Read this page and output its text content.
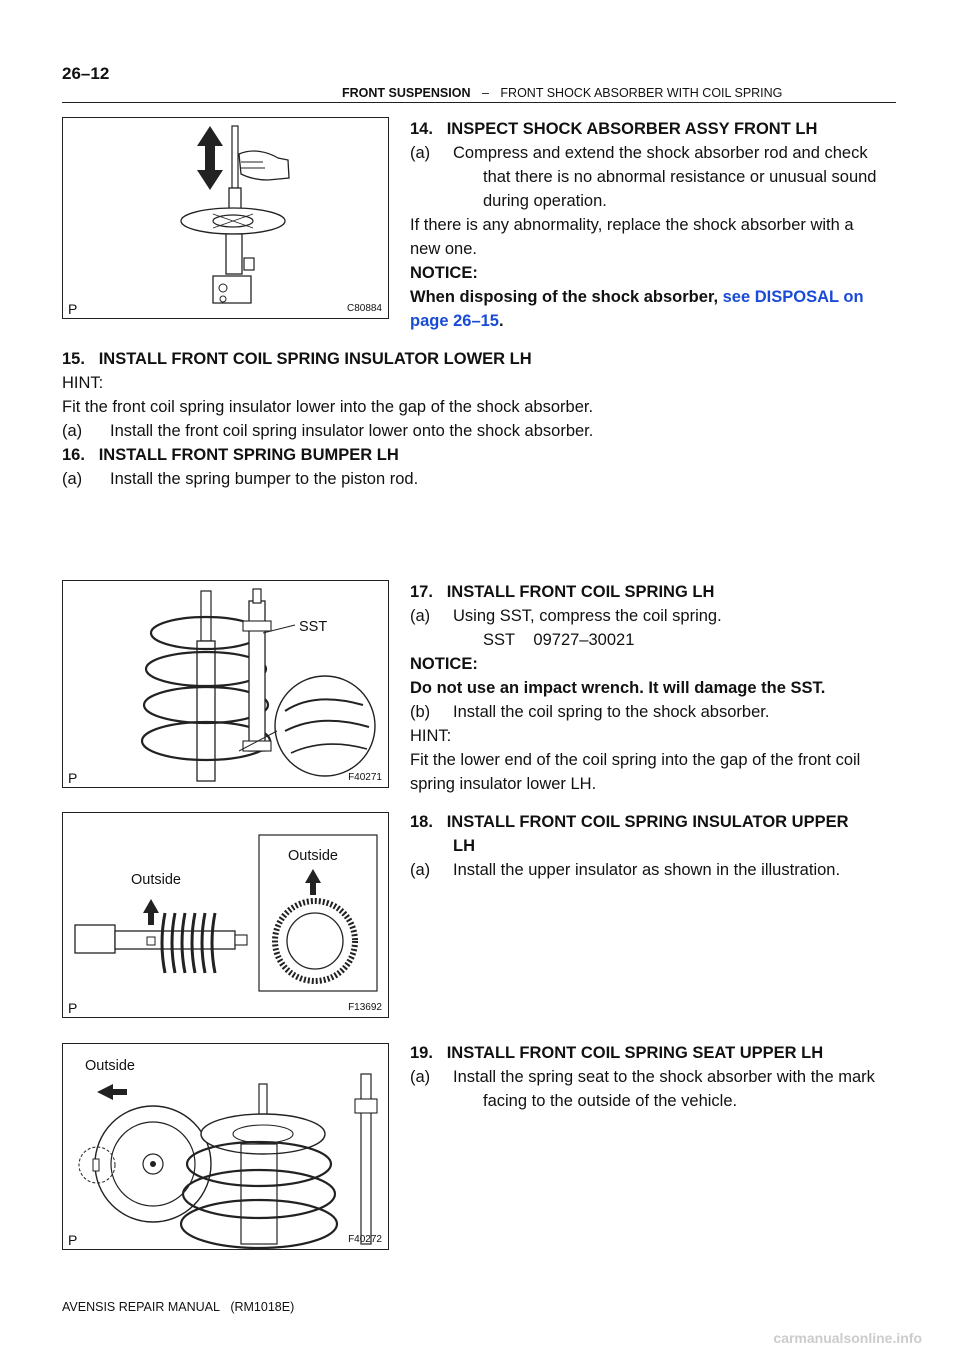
26–12
FRONT SUSPENSION – FRONT SHOCK ABSORBER WITH COIL SPRING
P	C80884
14.   INSPECT SHOCK ABSORBER ASSY FRONT LH
(a) Compress and extend the shock absorber rod and check
that there is no abnormal resistance or unusual sound
during operation.
If there is any abnormality, replace the shock absorber with a
new one.
NOTICE:
When disposing of the shock absorber, see DISPOSAL on
page 26–15.
15.   INSTALL FRONT COIL SPRING INSULATOR LOWER LH
HINT:
Fit the front coil spring insulator lower into the gap of the shock absorber.
(a) Install the front coil spring insulator lower onto the shock absorber.
16.   INSTALL FRONT SPRING BUMPER LH
(a) Install the spring bumper to the piston rod.
SST
P	F40271
17.   INSTALL FRONT COIL SPRING LH
(a) Using SST, compress the coil spring.
SST    09727–30021
NOTICE:
Do not use an impact wrench. It will damage the SST.
(b) Install the coil spring to the shock absorber.
HINT:
Fit the lower end of the coil spring into the gap of the front coil
spring insulator lower LH.
Outside
Outside
P	F13692
18.   INSTALL FRONT COIL SPRING INSULATOR UPPER
LH
(a) Install the upper insulator as shown in the illustration.
Outside
P	F40272
19.   INSTALL FRONT COIL SPRING SEAT UPPER LH
(a) Install the spring seat to the shock absorber with the mark
facing to the outside of the vehicle.
AVENSIS REPAIR MANUAL   (RM1018E)
carmanualsonline.info
